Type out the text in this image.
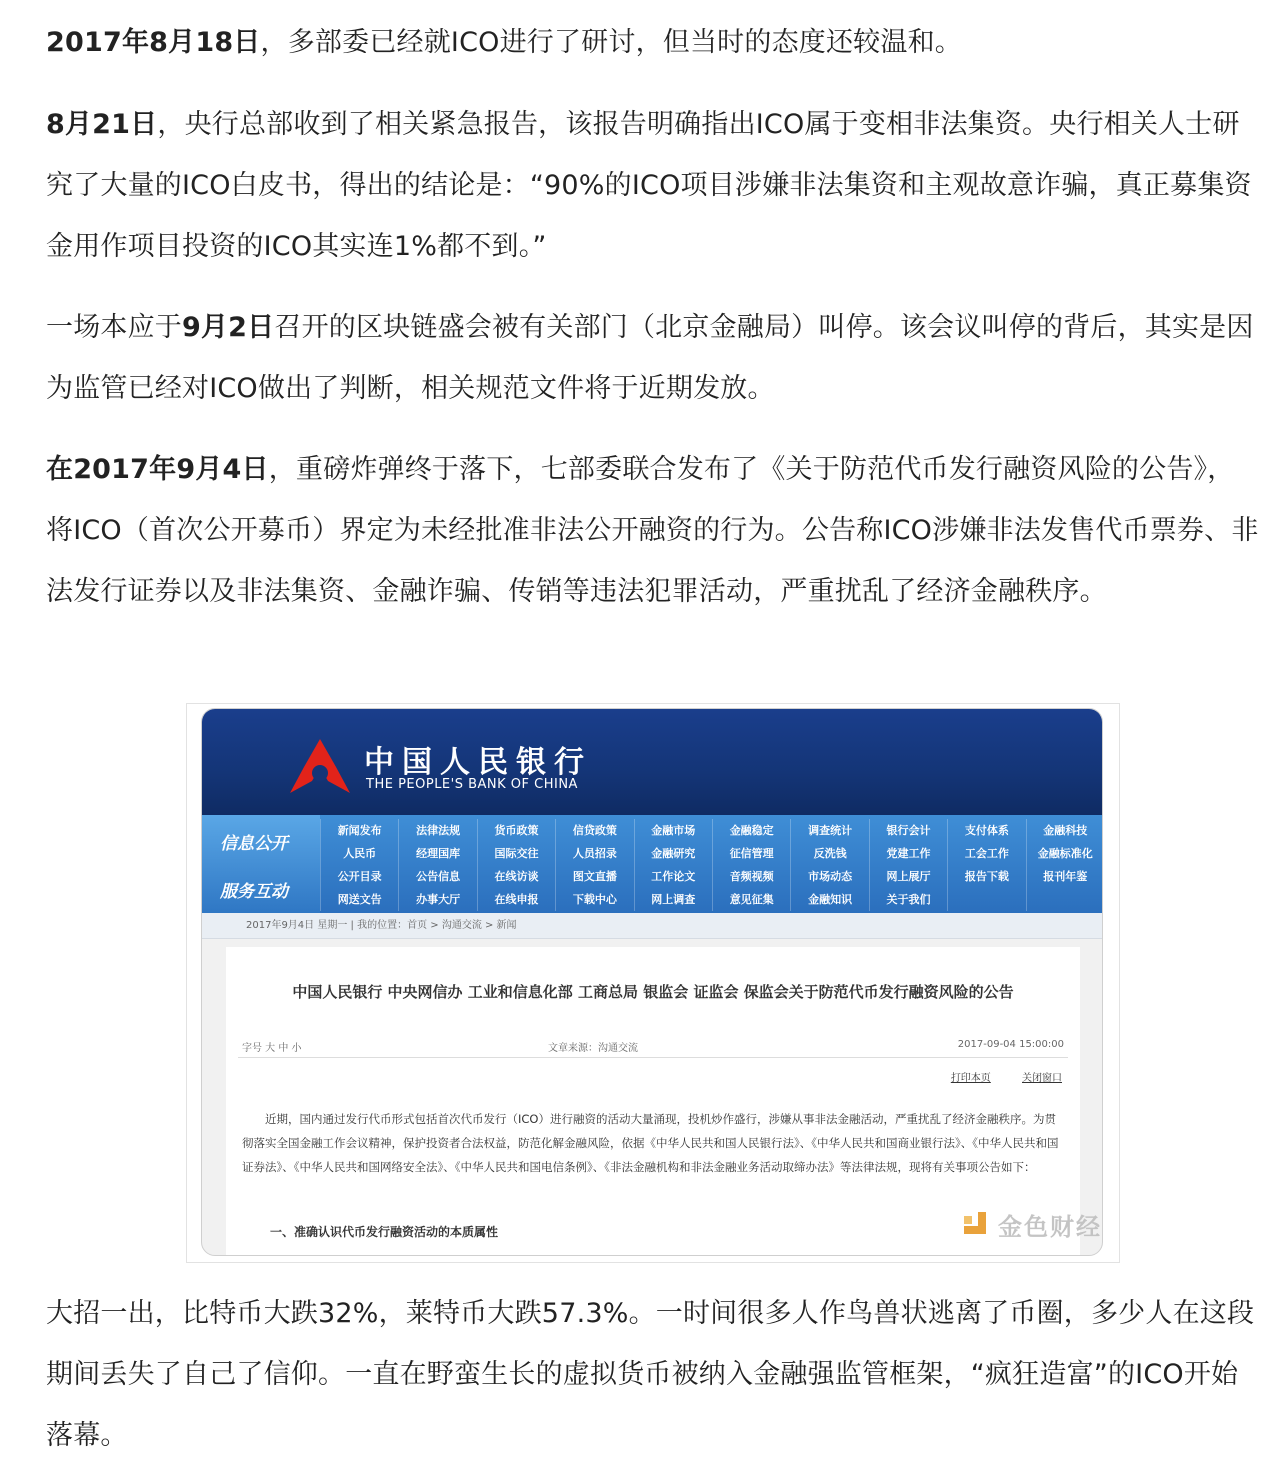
2017年8月18日，多部委已经就ICO进行了研讨，但当时的态度还较温和。

8月21日，央行总部收到了相关紧急报告，该报告明确指出ICO属于变相非法集资。央行相关人士研究了大量的ICO白皮书，得出的结论是：“90%的ICO项目涉嫌非法集资和主观故意诈骗，真正募集资金用作项目投资的ICO其实连1%都不到。”

一场本应于9月2日召开的区块链盛会被有关部门（北京金融局）叫停。该会议叫停的背后，其实是因为监管已经对ICO做出了判断，相关规范文件将于近期发放。

在2017年9月4日，重磅炸弹终于落下，七部委联合发布了《关于防范代币发行融资风险的公告》，将ICO（首次公开募币）界定为未经批准非法公开融资的行为。公告称ICO涉嫌非法发售代币票券、非法发行证券以及非法集资、金融诈骗、传销等违法犯罪活动，严重扰乱了经济金融秩序。

大招一出，比特币大跌32%，莱特币大跌57.3%。一时间很多人作鸟兽状逃离了币圈，多少人在这段期间丢失了自己了信仰。一直在野蛮生长的虚拟货币被纳入金融强监管框架，“疯狂造富”的ICO开始落幕。

中国人民银行
THE PEOPLE'S BANK OF CHINA
信息公开
服务互动
新闻发布	法律法规	货币政策	信贷政策	金融市场	金融稳定	调查统计	银行会计	支付体系	金融科技
人民币	经理国库	国际交往	人员招录	金融研究	征信管理	反洗钱	党建工作	工会工作	金融标准化
公开目录	公告信息	在线访谈	图文直播	工作论文	音频视频	市场动态	网上展厅	报告下载	报刊年鉴
网送文告	办事大厅	在线申报	下载中心	网上调查	意见征集	金融知识	关于我们
2017年9月4日 星期一 | 我的位置：首页 > 沟通交流 > 新闻
中国人民银行 中央网信办 工业和信息化部 工商总局 银监会 证监会 保监会关于防范代币发行融资风险的公告
字号 大 中 小	文章来源：沟通交流	2017-09-04 15:00:00
打印本页	关闭窗口
近期，国内通过发行代币形式包括首次代币发行（ICO）进行融资的活动大量涌现，投机炒作盛行，涉嫌从事非法金融活动，严重扰乱了经济金融秩序。为贯彻落实全国金融工作会议精神，保护投资者合法权益，防范化解金融风险，依据《中华人民共和国人民银行法》、《中华人民共和国商业银行法》、《中华人民共和国证券法》、《中华人民共和国网络安全法》、《中华人民共和国电信条例》、《非法金融机构和非法金融业务活动取缔办法》等法律法规，现将有关事项公告如下：
一、准确认识代币发行融资活动的本质属性	金色财经
